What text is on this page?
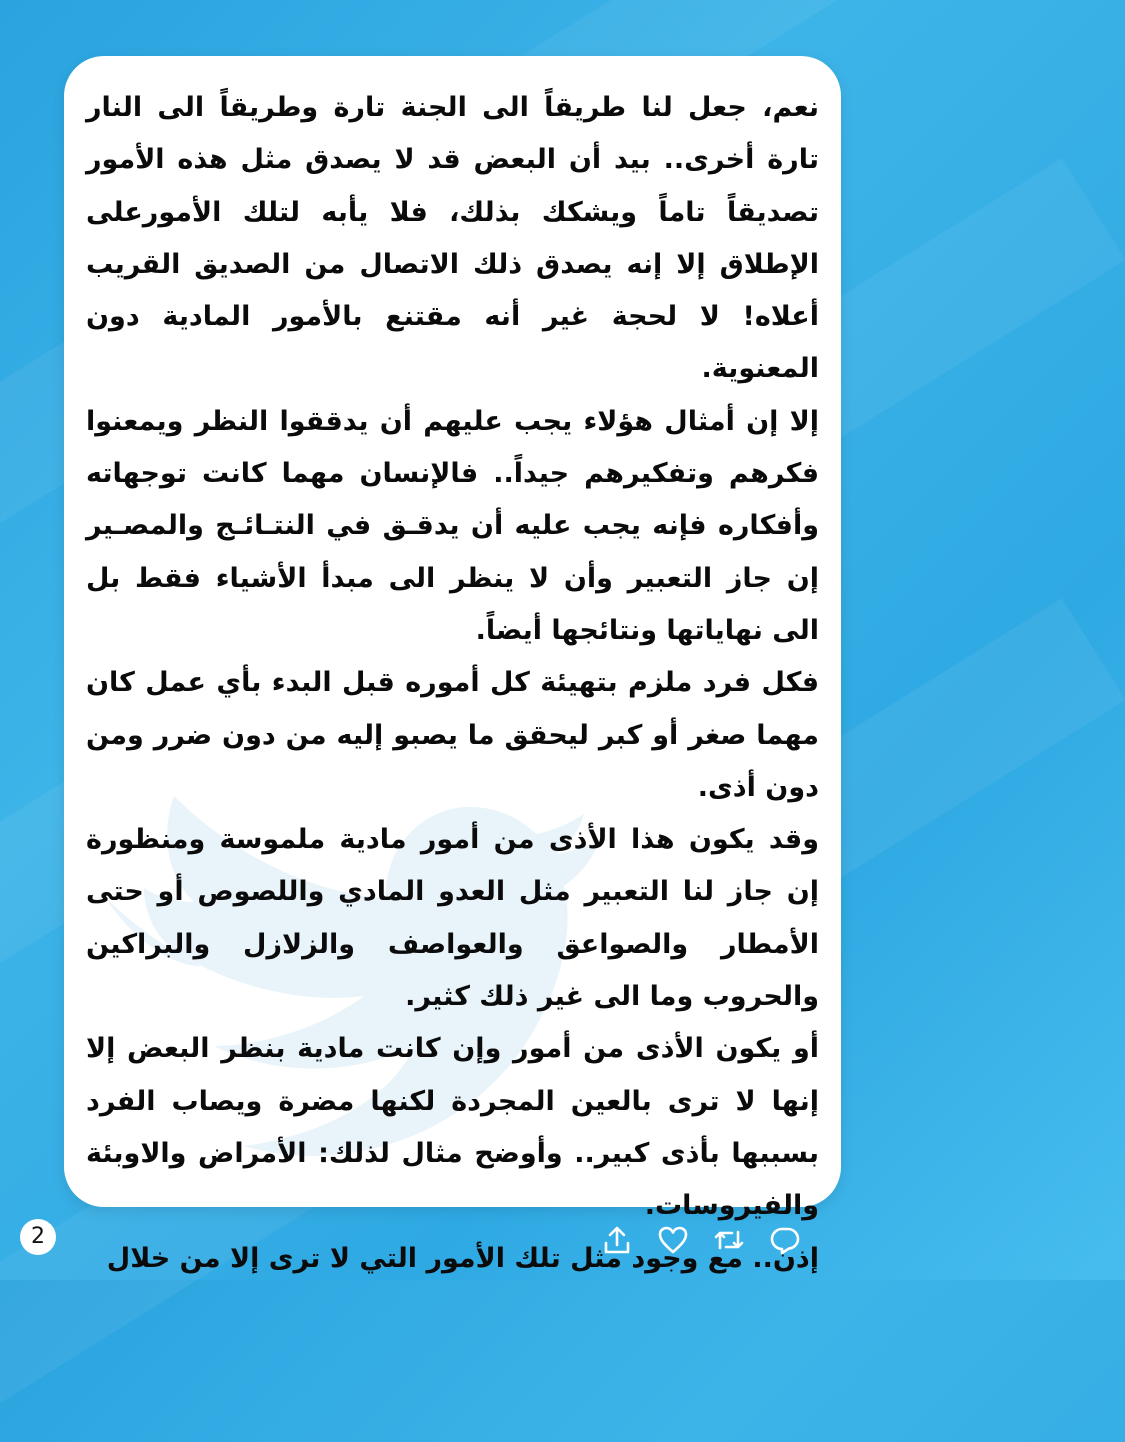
نعم، جعل لنا طريقاً الى الجنة تارة وطريقاً الى النار تارة أخرى.. بيد أن البعض قد لا يصدق مثل هذه الأمور تصديقاً تاماً ويشكك بذلك، فلا يأبه لتلك الأمورعلى الإطلاق إلا إنه يصدق ذلك الاتصال من الصديق القريب أعلاه! لا لحجة غير أنه مقتنع بالأمور المادية دون المعنوية.

إلا إن أمثال هؤلاء يجب عليهم أن يدققوا النظر ويمعنوا فكرهم وتفكيرهم جيداً.. فالإنسان مهما كانت توجهاته وأفكاره فإنه يجب عليه أن يدقـق في النتـائـج والمصـير إن جاز التعبير وأن لا ينظر الى مبدأ الأشياء فقط بل الى نهاياتها ونتائجها أيضاً.

فكل فرد ملزم بتهيئة كل أموره قبل البدء بأي عمل كان مهما صغر أو كبر ليحقق ما يصبو إليه من دون ضرر ومن دون أذى.

وقد يكون هذا الأذى من أمور مادية ملموسة ومنظورة إن جاز لنا التعبير مثل العدو المادي واللصوص أو حتى الأمطار والصواعق والعواصف والزلازل والبراكين والحروب وما الى غير ذلك كثير.

أو يكون الأذى من أمور وإن كانت مادية بنظر البعض إلا إنها لا ترى بالعين المجردة لكنها مضرة ويصاب الفرد بسببها بأذى كبير.. وأوضح مثال لذلك: الأمراض والاوبئة والفيروسات.

إذن.. مع وجود مثل تلك الأمور التي لا ترى إلا من خلال

2
